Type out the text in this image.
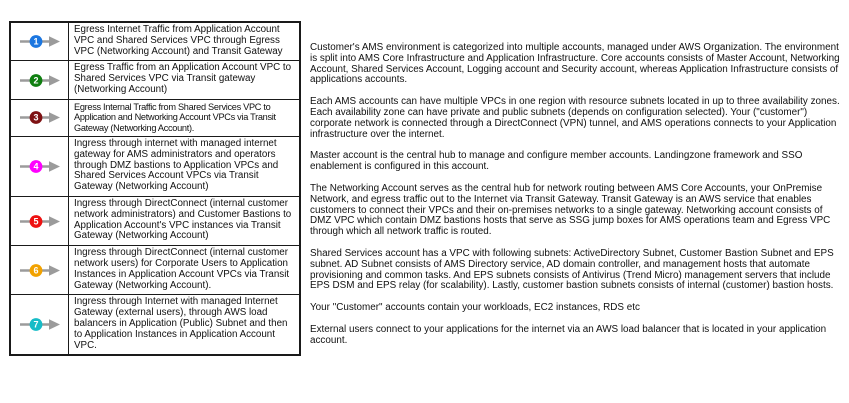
1
Egress Internet Traffic from Application Account VPC and Shared Services VPC through Egress VPC (Networking Account) and Transit Gateway
2
Egress Traffic from an Application Account VPC to Shared Services VPC via Transit gateway (Networking Account)
3
Egress Internal Traffic from Shared Services VPC to Application and Networking Account VPCs via Transit Gateway (Networking Account).
4
Ingress through internet with managed internet gateway for AMS administrators and operators through DMZ bastions to Application VPCs and Shared Services Account VPCs via Transit Gateway (Networking Account)
5
Ingress through DirectConnect (internal customer network administrators) and Customer Bastions to Application Account's VPC instances via Transit Gateway (Networking Account)
6
Ingress through DirectConnect (internal customer network users) for Corporate Users to Application Instances in Application Account VPCs via Transit Gateway (Networking Account).
7
Ingress through Internet with managed Internet Gateway (external users), through AWS load balancers in Application (Public) Subnet and then to Application Instances in Application Account VPC.

Customer's AMS environment is categorized into multiple accounts, managed under AWS Organization. The environment is split into AMS Core Infrastructure and Application Infrastructure. Core accounts consists of Master Account, Networking Account, Shared Services Account, Logging account and Security account, whereas Application Infrastructure consists of applications accounts.

Each AMS accounts can have multiple VPCs in one region with resource subnets located in up to three availability zones. Each availability zone can have private and public subnets (depends on configuration selected). Your ("customer") corporate network is connected through a DirectConnect (VPN) tunnel, and AMS operations connects to your Application infrastructure over the internet.

Master account is the central hub to manage and configure member accounts. Landingzone framework and SSO enablement is configured in this account.

The Networking Account serves as the central hub for network routing between AMS Core Accounts, your OnPremise Network, and egress traffic out to the Internet via Transit Gateway. Transit Gateway is an AWS service that enables customers to connect their VPCs and their on-premises networks to a single gateway. Networking account consists of DMZ VPC which contain DMZ bastions hosts that serve as SSG jump boxes for AMS operations team and Egress VPC through which all network traffic is routed.

Shared Services account has a VPC with following subnets: ActiveDirectory Subnet, Customer Bastion Subnet and EPS subnet. AD Subnet consists of AMS Directory service, AD domain controller, and management hosts that automate provisioning and common tasks. And EPS subnets consists of Antivirus (Trend Micro) management servers that include EPS DSM and EPS relay (for scalability). Lastly, customer bastion subnets consists of internal (customer) bastion hosts.

Your "Customer" accounts contain your workloads, EC2 instances, RDS etc

External users connect to your applications for the internet via an AWS load balancer that is located in your application account.
